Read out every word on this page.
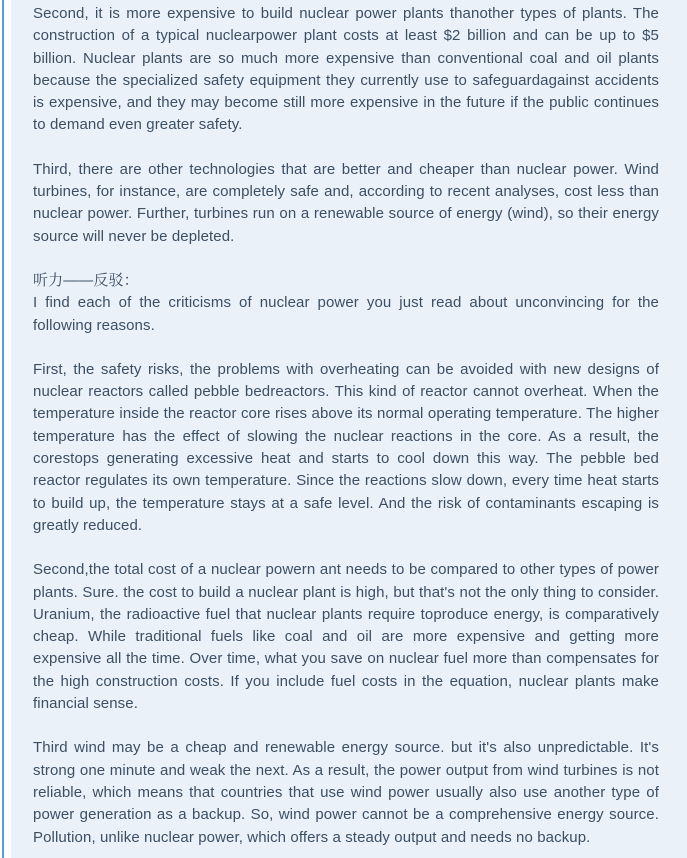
Second, it is more expensive to build nuclear power plants thanother types of plants. The construction of a typical nuclearpower plant costs at least $2 billion and can be up to $5 billion. Nuclear plants are so much more expensive than conventional coal and oil plants because the specialized safety equipment they currently use to safeguardagainst accidents is expensive, and they may become still more expensive in the future if the public continues to demand even greater safety.

Third, there are other technologies that are better and cheaper than nuclear power. Wind turbines, for instance, are completely safe and, according to recent analyses, cost less than nuclear power. Further, turbines run on a renewable source of energy (wind), so their energy source will never be depleted.

听力——反驳：

I find each of the criticisms of nuclear power you just read about unconvincing for the following reasons.

First, the safety risks, the problems with overheating can be avoided with new designs of nuclear reactors called pebble bedreactors. This kind of reactor cannot overheat. When the temperature inside the reactor core rises above its normal operating temperature. The higher temperature has the effect of slowing the nuclear reactions in the core. As a result, the corestops generating excessive heat and starts to cool down this way. The pebble bed reactor regulates its own temperature. Since the reactions slow down, every time heat starts to build up, the temperature stays at a safe level. And the risk of contaminants escaping is greatly reduced.

Second,the total cost of a nuclear powern ant needs to be compared to other types of power plants. Sure. the cost to build a nuclear plant is high, but that's not the only thing to consider. Uranium, the radioactive fuel that nuclear plants require toproduce energy, is comparatively cheap. While traditional fuels like coal and oil are more expensive and getting more expensive all the time. Over time, what you save on nuclear fuel more than compensates for the high construction costs. If you include fuel costs in the equation, nuclear plants make financial sense.

Third wind may be a cheap and renewable energy source. but it's also unpredictable. It's strong one minute and weak the next. As a result, the power output from wind turbines is not reliable, which means that countries that use wind power usually also use another type of power generation as a backup. So, wind power cannot be a comprehensive energy source. Pollution, unlike nuclear power, which offers a steady output and needs no backup.
